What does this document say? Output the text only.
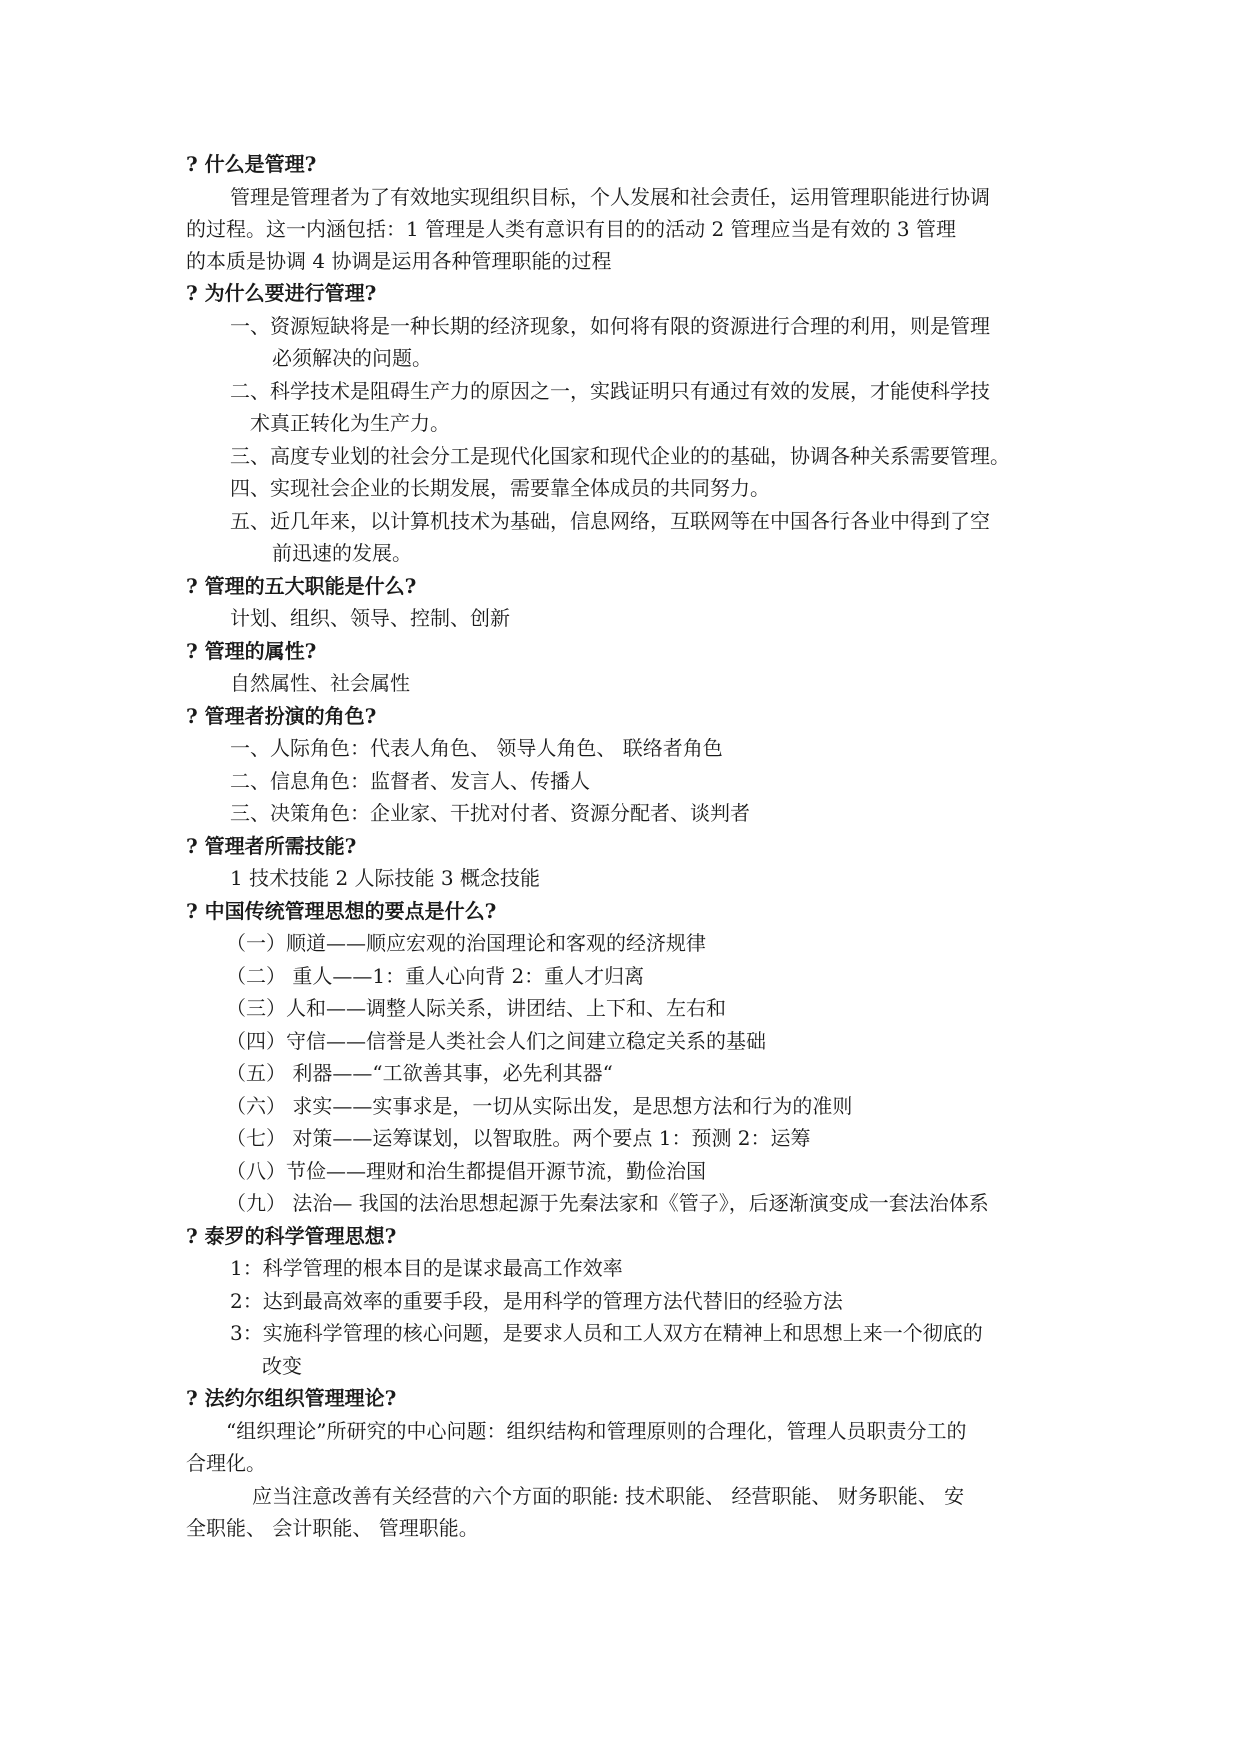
? 什么是管理?
管理是管理者为了有效地实现组织目标，个人发展和社会责任，运用管理职能进行协调
的过程。这一内涵包括：1 管理是人类有意识有目的的活动 2 管理应当是有效的 3 管理
的本质是协调 4 协调是运用各种管理职能的过程
? 为什么要进行管理?
一、资源短缺将是一种长期的经济现象，如何将有限的资源进行合理的利用，则是管理
必须解决的问题。
二、科学技术是阻碍生产力的原因之一，实践证明只有通过有效的发展，才能使科学技
术真正转化为生产力。
三、高度专业划的社会分工是现代化国家和现代企业的的基础，协调各种关系需要管理。
四、实现社会企业的长期发展，需要靠全体成员的共同努力。
五、近几年来，以计算机技术为基础，信息网络，互联网等在中国各行各业中得到了空
前迅速的发展。
? 管理的五大职能是什么?
计划、组织、领导、控制、创新
? 管理的属性?
自然属性、社会属性
? 管理者扮演的角色?
一、人际角色：代表人角色、 领导人角色、 联络者角色
二、信息角色：监督者、发言人、传播人
三、决策角色：企业家、干扰对付者、资源分配者、谈判者
? 管理者所需技能?
1 技术技能 2 人际技能 3 概念技能
? 中国传统管理思想的要点是什么?
（一）顺道——顺应宏观的治国理论和客观的经济规律
（二） 重人——1：重人心向背 2：重人才归离
（三）人和——调整人际关系，讲团结、上下和、左右和
（四）守信——信誉是人类社会人们之间建立稳定关系的基础
（五） 利器——“工欲善其事，必先利其器“
（六） 求实——实事求是，一切从实际出发，是思想方法和行为的准则
（七） 对策——运筹谋划，以智取胜。两个要点 1：预测 2：运筹
（八）节俭——理财和治生都提倡开源节流，勤俭治国
（九） 法治— 我国的法治思想起源于先秦法家和《管子》，后逐渐演变成一套法治体系
? 泰罗的科学管理思想?
1：科学管理的根本目的是谋求最高工作效率
2：达到最高效率的重要手段，是用科学的管理方法代替旧的经验方法
3：实施科学管理的核心问题，是要求人员和工人双方在精神上和思想上来一个彻底的
改变
? 法约尔组织管理理论?
“组织理论”所研究的中心问题：组织结构和管理原则的合理化，管理人员职责分工的
合理化。
应当注意改善有关经营的六个方面的职能: 技术职能、 经营职能、 财务职能、 安
全职能、 会计职能、 管理职能。
